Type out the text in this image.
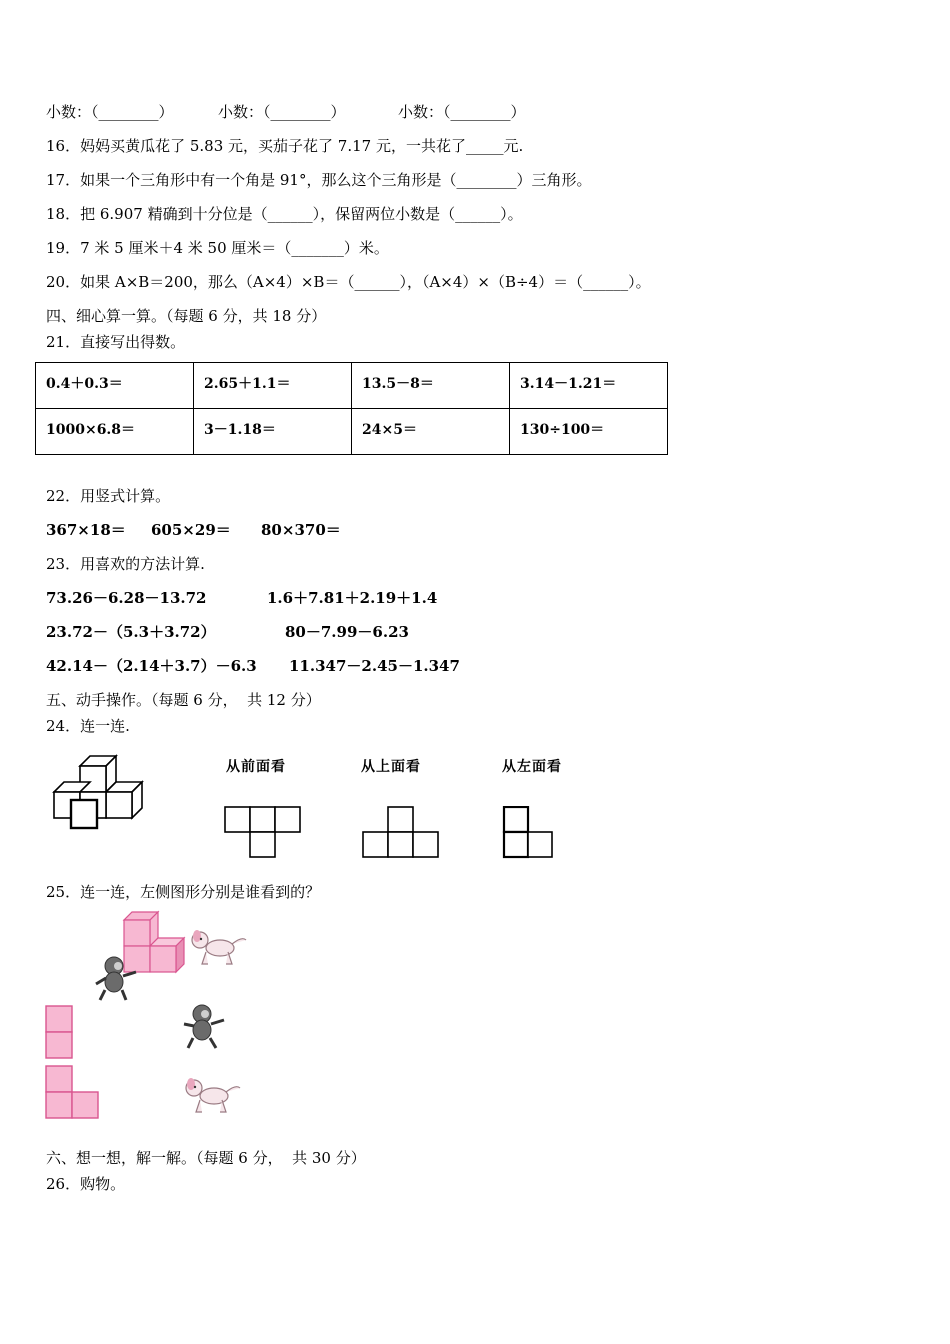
小数：（________）	小数：（________）	小数：（________）
16．妈妈买黄瓜花了 5.83 元，买茄子花了 7.17 元，一共花了_____元.
17．如果一个三角形中有一个角是 91°，那么这个三角形是（________）三角形。
18．把 6.907 精确到十分位是（______），保留两位小数是（______）。
19．7 米 5 厘米＋4 米 50 厘米＝（_______）米。
20．如果 A×B＝200，那么（A×4）×B＝（______），（A×4）×（B÷4）＝（______）。
四、细心算一算。（每题 6 分，共 18 分）
21．直接写出得数。
0.4＋0.3＝	2.65＋1.1＝	13.5－8＝	3.14－1.21＝
1000×6.8＝	3－1.18＝	24×5＝	130÷100＝
22．用竖式计算。
367×18＝ 605×29＝ 80×370＝
23．用喜欢的方法计算.
73.26－6.28－13.72	1.6＋7.81＋2.19＋1.4
23.72－（5.3＋3.72）	80－7.99－6.23
42.14－（2.14＋3.7）－6.3 11.347－2.45－1.347
五、动手操作。（每题 6 分，  共 12 分）
24．连一连.
从前面看	从上面看	从左面看
25．连一连，左侧图形分别是谁看到的？
六、想一想，解一解。（每题 6 分，  共 30 分）
26．购物。
